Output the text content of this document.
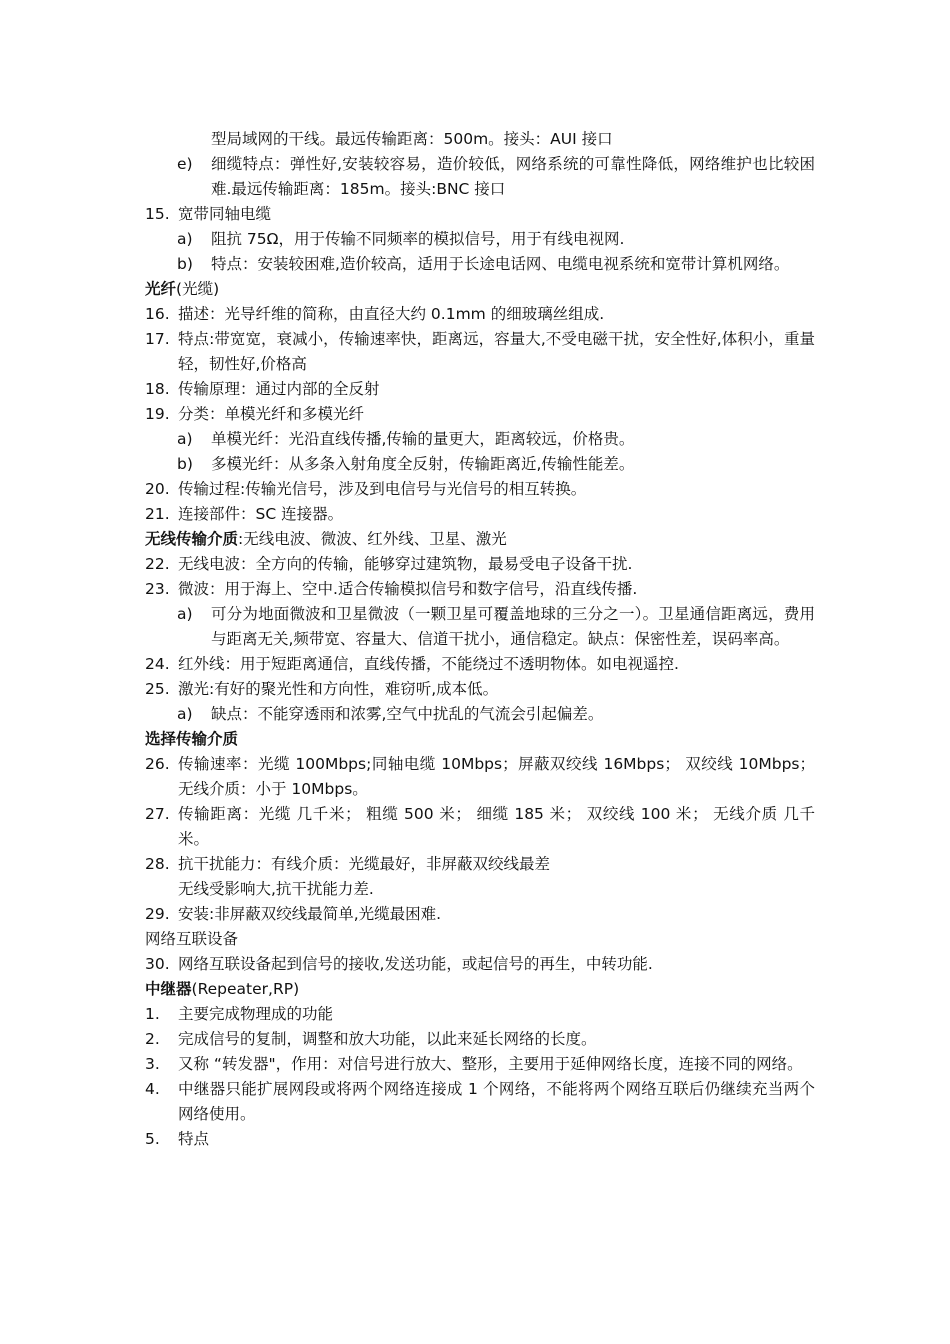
型局域网的干线。最远传输距离：500m。接头：AUI 接口
e)	细缆特点：弹性好,安装较容易，造价较低，网络系统的可靠性降低，网络维护也比较困难.最远传输距离：185m。接头:BNC 接口
15. 宽带同轴电缆
a)	阻抗 75Ω，用于传输不同频率的模拟信号，用于有线电视网.
b)	特点：安装较困难,造价较高，适用于长途电话网、电缆电视系统和宽带计算机网络。
光纤(光缆)
16. 描述：光导纤维的简称，由直径大约 0.1mm 的细玻璃丝组成.
17. 特点:带宽宽，衰减小，传输速率快，距离远，容量大,不受电磁干扰，安全性好,体积小，重量轻，韧性好,价格高
18. 传输原理：通过内部的全反射
19. 分类：单模光纤和多模光纤
a)	单模光纤：光沿直线传播,传输的量更大，距离较远，价格贵。
b)	多模光纤：从多条入射角度全反射，传输距离近,传输性能差。
20. 传输过程:传输光信号，涉及到电信号与光信号的相互转换。
21. 连接部件：SC 连接器。
无线传输介质:无线电波、微波、红外线、卫星、激光
22. 无线电波：全方向的传输，能够穿过建筑物，最易受电子设备干扰.
23. 微波：用于海上、空中.适合传输模拟信号和数字信号，沿直线传播.
a)	可分为地面微波和卫星微波（一颗卫星可覆盖地球的三分之一）。卫星通信距离远，费用与距离无关,频带宽、容量大、信道干扰小，通信稳定。缺点：保密性差，误码率高。
24. 红外线：用于短距离通信，直线传播，不能绕过不透明物体。如电视遥控.
25. 激光:有好的聚光性和方向性，难窃听,成本低。
a)	缺点：不能穿透雨和浓雾,空气中扰乱的气流会引起偏差。
选择传输介质
26. 传输速率：光缆 100Mbps;同轴电缆 10Mbps；屏蔽双绞线 16Mbps； 双绞线 10Mbps； 无线介质：小于 10Mbps。
27. 传输距离：光缆 几千米； 粗缆 500 米； 细缆 185 米； 双绞线 100 米； 无线介质 几千米。
28. 抗干扰能力：有线介质：光缆最好，非屏蔽双绞线最差
无线受影响大,抗干扰能力差.
29. 安装:非屏蔽双绞线最简单,光缆最困难.
网络互联设备
30. 网络互联设备起到信号的接收,发送功能，或起信号的再生，中转功能.
中继器(Repeater,RP)
1.	主要完成物理成的功能
2.	完成信号的复制，调整和放大功能，以此来延长网络的长度。
3.	又称 “转发器"，作用：对信号进行放大、整形，主要用于延伸网络长度，连接不同的网络。
4.	中继器只能扩展网段或将两个网络连接成 1 个网络，不能将两个网络互联后仍继续充当两个网络使用。
5.	特点
